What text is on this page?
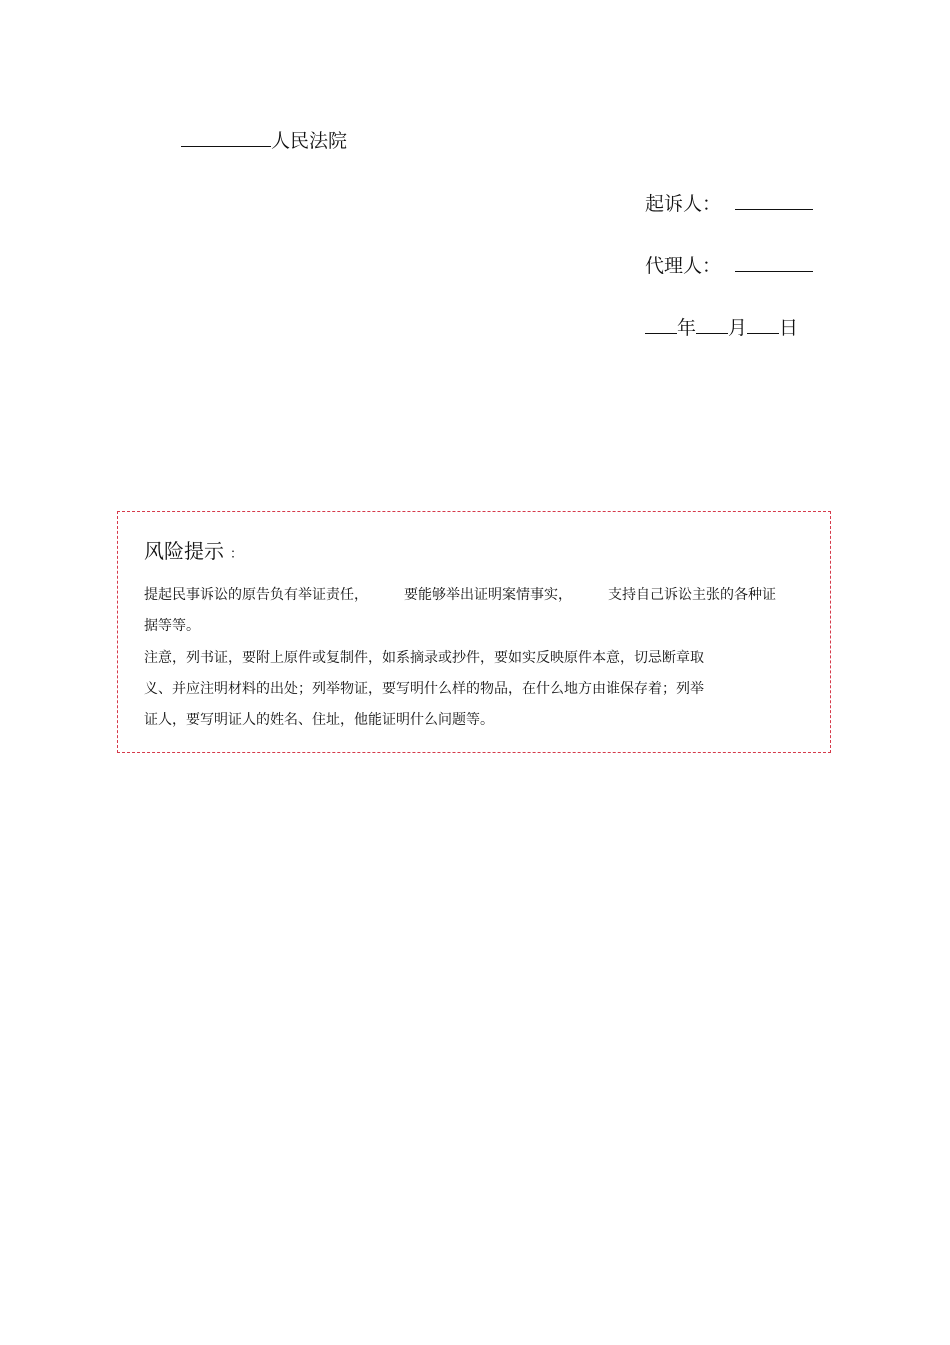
人民法院
起诉人：
代理人：
年 月 日
风险提示 ：
提起民事诉讼的原告负有举证责任，	要能够举出证明案情事实，	支持自己诉讼主张的各种证
据等等。
注意，列书证，要附上原件或复制件，如系摘录或抄件，要如实反映原件本意，切忌断章取
义、并应注明材料的出处；列举物证，要写明什么样的物品，在什么地方由谁保存着；列举
证人，要写明证人的姓名、住址，他能证明什么问题等。
